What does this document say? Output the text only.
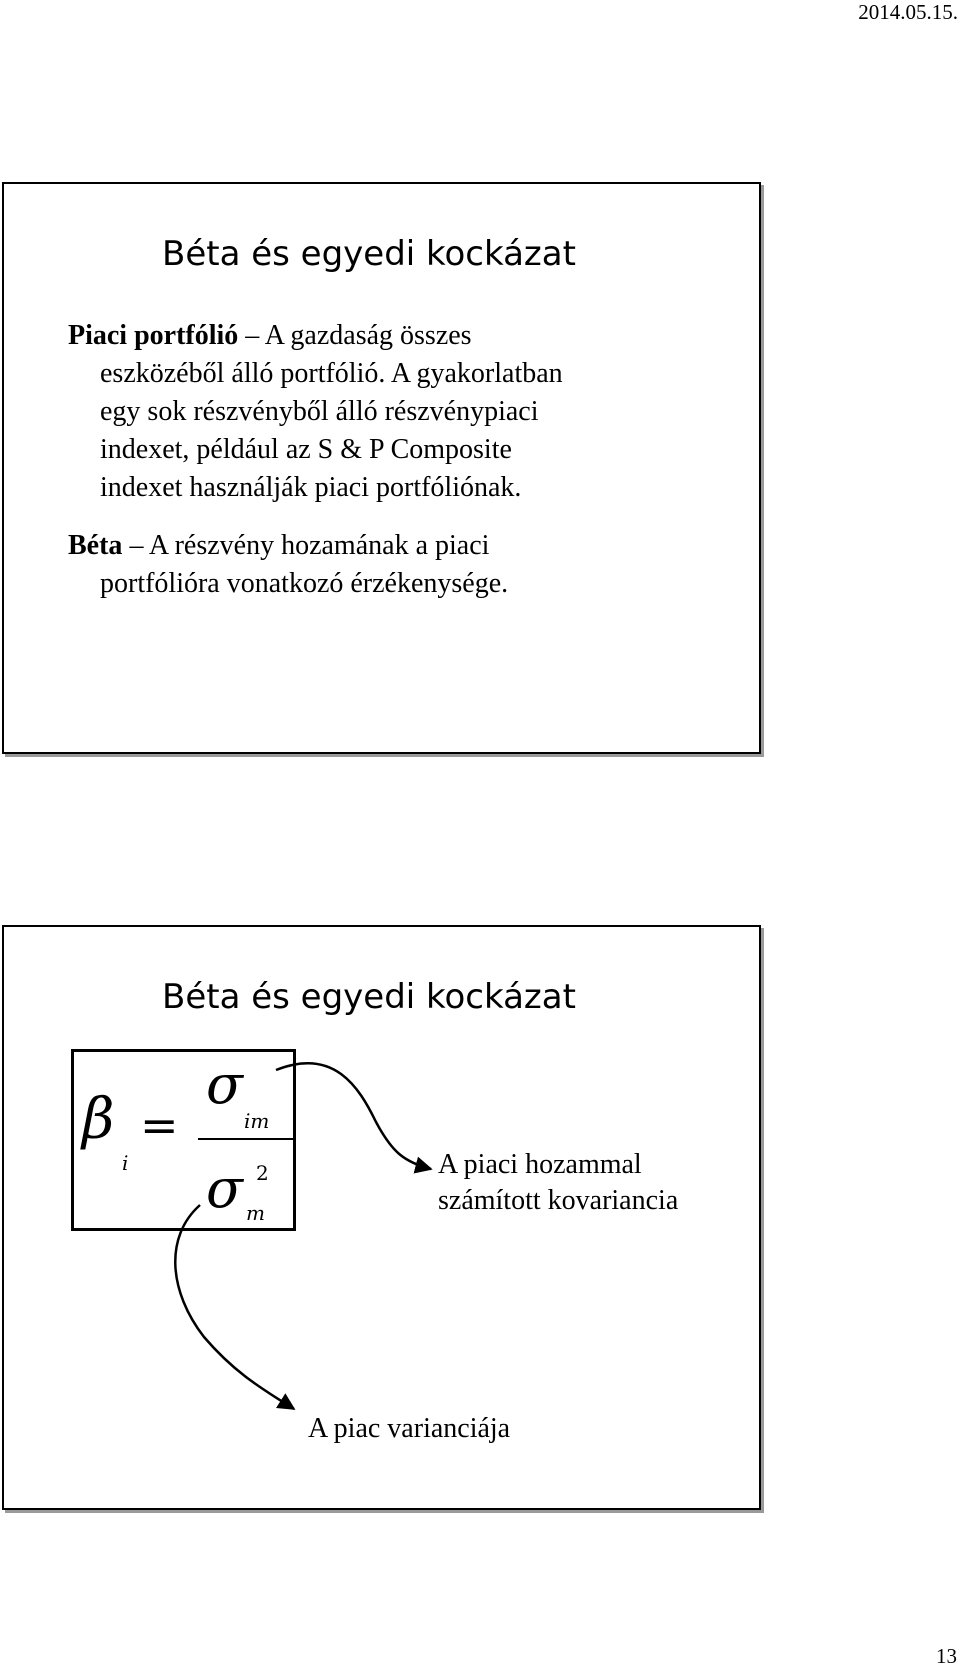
2014.05.15.
Béta és egyedi kockázat
Piaci portfólió – A gazdaság összes
eszközéből álló portfólió. A gyakorlatban
egy sok részvényből álló részvénypiaci
indexet, például az S & P Composite
indexet használják piaci portfóliónak.
Béta – A részvény hozamának a piaci
portfólióra vonatkozó érzékenysége.
Béta és egyedi kockázat
β
i
=
σ
im
σ 2
m
A piaci hozammal
számított kovariancia
A piac varianciája
13
